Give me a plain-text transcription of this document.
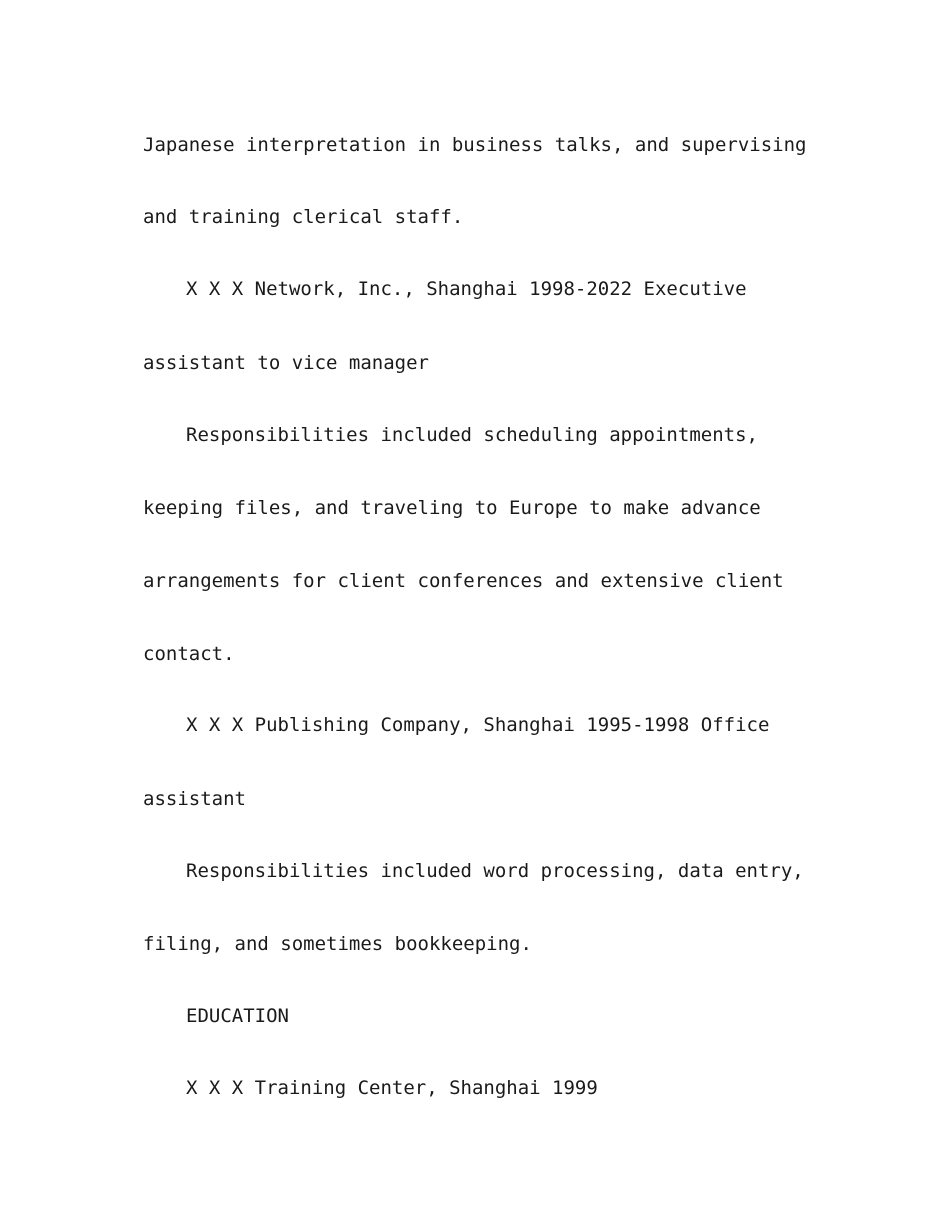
Japanese interpretation in business talks, and supervising

and training clerical staff.

X X X Network, Inc., Shanghai 1998-2022 Executive

assistant to vice manager

Responsibilities included scheduling appointments,

keeping files, and traveling to Europe to make advance

arrangements for client conferences and extensive client

contact.

X X X Publishing Company, Shanghai 1995-1998 Office

assistant

Responsibilities included word processing, data entry,

filing, and sometimes bookkeeping.

EDUCATION

X X X Training Center, Shanghai 1999
